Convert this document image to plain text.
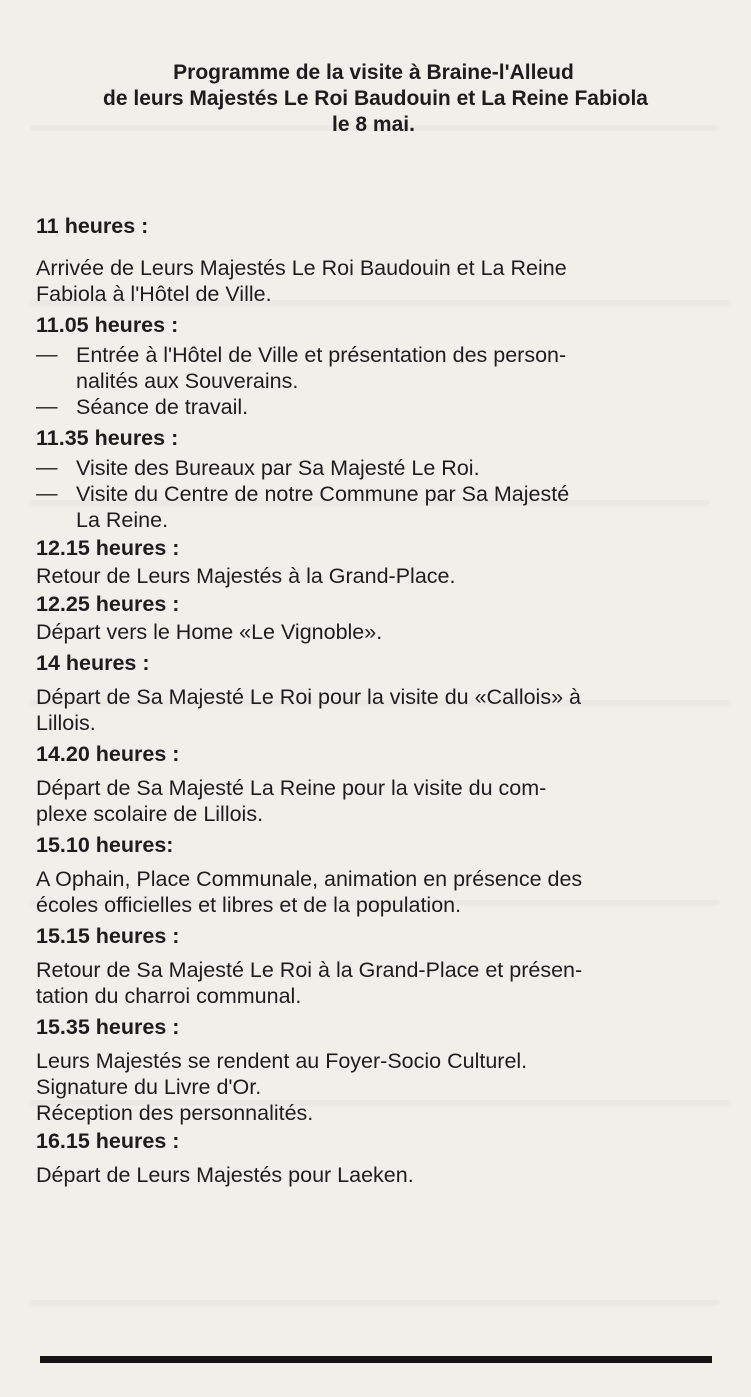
Programme de la visite à Braine-l'Alleud
de leurs Majestés Le Roi Baudouin et La Reine Fabiola
le 8 mai.
11 heures :
Arrivée de Leurs Majestés Le Roi Baudouin et La Reine
Fabiola à l'Hôtel de Ville.
11.05 heures :
— Entrée à l'Hôtel de Ville et présentation des person-
nalités aux Souverains.
— Séance de travail.
11.35 heures :
— Visite des Bureaux par Sa Majesté Le Roi.
— Visite du Centre de notre Commune par Sa Majesté
La Reine.
12.15 heures :
Retour de Leurs Majestés à la Grand-Place.
12.25 heures :
Départ vers le Home «Le Vignoble».
14 heures :
Départ de Sa Majesté Le Roi pour la visite du «Callois» à
Lillois.
14.20 heures :
Départ de Sa Majesté La Reine pour la visite du com-
plexe scolaire de Lillois.
15.10 heures:
A Ophain, Place Communale, animation en présence des
écoles officielles et libres et de la population.
15.15 heures :
Retour de Sa Majesté Le Roi à la Grand-Place et présen-
tation du charroi communal.
15.35 heures :
Leurs Majestés se rendent au Foyer-Socio Culturel.
Signature du Livre d'Or.
Réception des personnalités.
16.15 heures :
Départ de Leurs Majestés pour Laeken.
